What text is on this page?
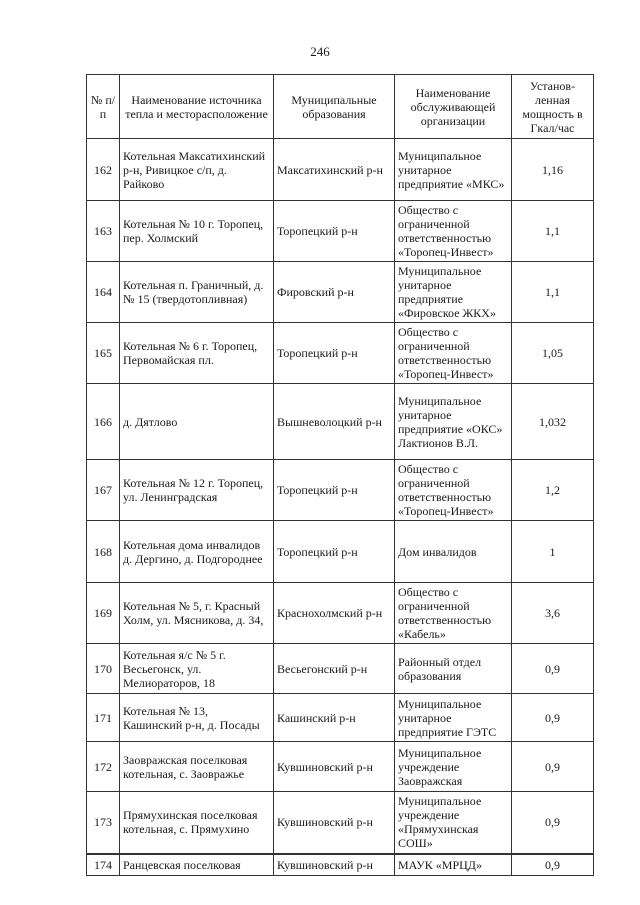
246
№ п/п	Наименование источника тепла и месторасположение	Муниципальные образования	Наименование обслуживающей организации	Установ-ленная мощность в Гкал/час
162	Котельная Максатихинский р-н, Ривицкое с/п, д. Райково	Максатихинский р-н	Муниципальное унитарное предприятие «МКС»	1,16
163	Котельная № 10 г. Торопец, пер. Холмский	Торопецкий р-н	Общество с ограниченной ответственностью «Торопец-Инвест»	1,1
164	Котельная п. Граничный, д. № 15 (твердотопливная)	Фировский р-н	Муниципальное унитарное предприятие «Фировское ЖКХ»	1,1
165	Котельная № 6 г. Торопец, Первомайская пл.	Торопецкий р-н	Общество с ограниченной ответственностью «Торопец-Инвест»	1,05
166	д. Дятлово	Вышневолоцкий р-н	Муниципальное унитарное предприятие «ОКС» Лактионов В.Л.	1,032
167	Котельная № 12 г. Торопец, ул. Ленинградская	Торопецкий р-н	Общество с ограниченной ответственностью «Торопец-Инвест»	1,2
168	Котельная дома инвалидов д. Дергино, д. Подгороднее	Торопецкий р-н	Дом инвалидов	1
169	Котельная № 5, г. Красный Холм, ул. Мясникова, д. 34,	Краснохолмский р-н	Общество с ограниченной ответственностью «Кабель»	3,6
170	Котельная я/с № 5 г. Весьегонск, ул. Мелиораторов, 18	Весьегонский р-н	Районный отдел образования	0,9
171	Котельная № 13, Кашинский р-н, д. Посады	Кашинский р-н	Муниципальное унитарное предприятие ГЭТС	0,9
172	Заовражская поселковая котельная, с. Заовражье	Кувшиновский р-н	Муниципальное учреждение Заовражская	0,9
173	Прямухинская поселковая котельная, с. Прямухино	Кувшиновский р-н	Муниципальное учреждение «Прямухинская СОШ»	0,9
174	Ранцевская поселковая	Кувшиновский р-н	МАУК «МРЦД»	0,9
